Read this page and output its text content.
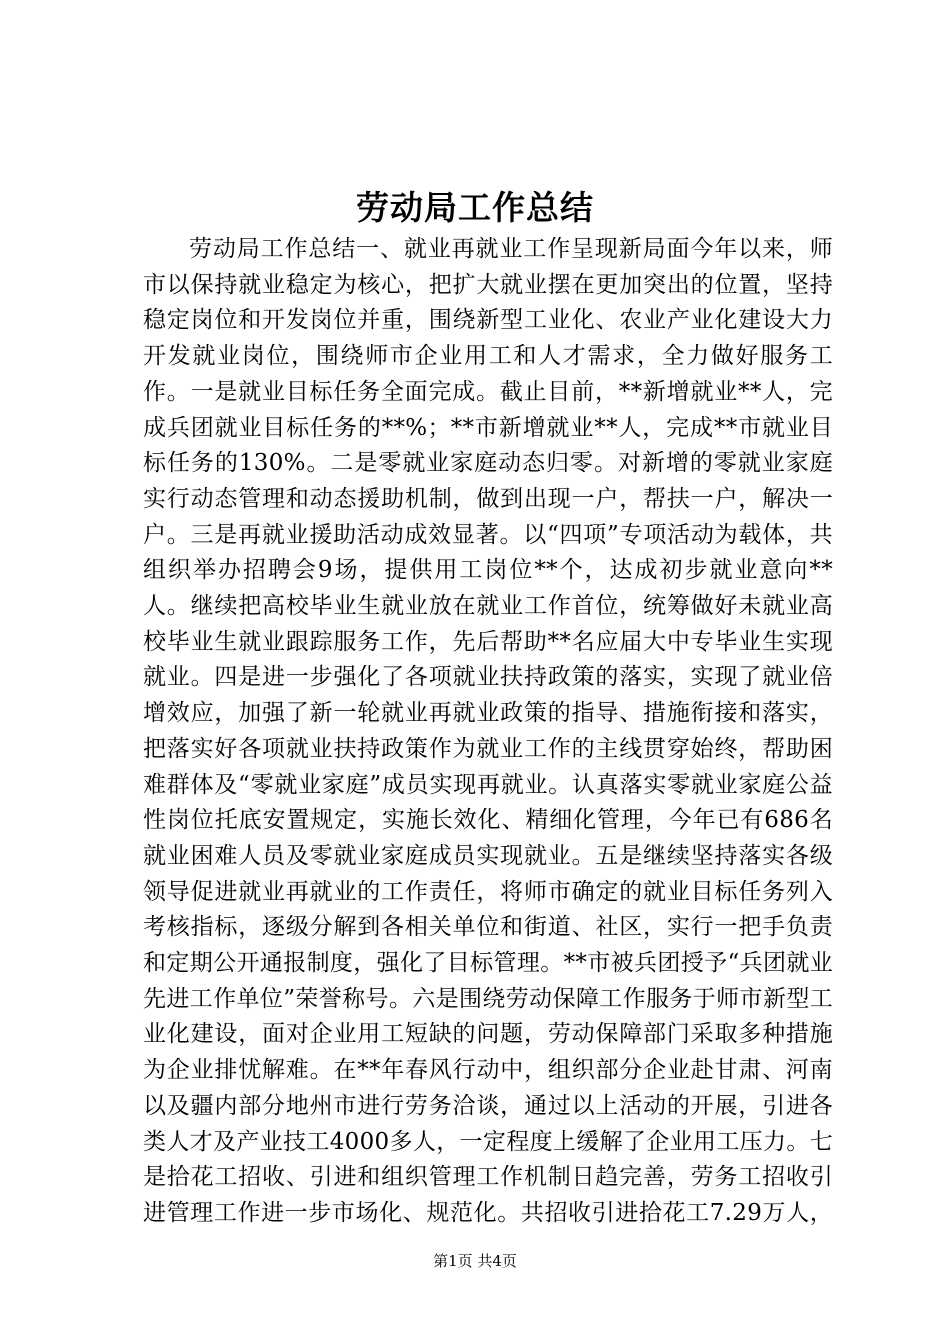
劳动局工作总结

劳动局工作总结一、就业再就业工作呈现新局面今年以来，师市以保持就业稳定为核心，把扩大就业摆在更加突出的位置，坚持稳定岗位和开发岗位并重，围绕新型工业化、农业产业化建设大力开发就业岗位，围绕师市企业用工和人才需求，全力做好服务工作。一是就业目标任务全面完成。截止目前，**新增就业**人，完成兵团就业目标任务的**%；**市新增就业**人，完成**市就业目标任务的130%。二是零就业家庭动态归零。对新增的零就业家庭实行动态管理和动态援助机制，做到出现一户，帮扶一户，解决一户。三是再就业援助活动成效显著。以“四项”专项活动为载体，共组织举办招聘会9场，提供用工岗位**个，达成初步就业意向**人。继续把高校毕业生就业放在就业工作首位，统筹做好未就业高校毕业生就业跟踪服务工作，先后帮助**名应届大中专毕业生实现就业。四是进一步强化了各项就业扶持政策的落实，实现了就业倍增效应，加强了新一轮就业再就业政策的指导、措施衔接和落实，把落实好各项就业扶持政策作为就业工作的主线贯穿始终，帮助困难群体及“零就业家庭”成员实现再就业。认真落实零就业家庭公益性岗位托底安置规定，实施长效化、精细化管理，今年已有686名就业困难人员及零就业家庭成员实现就业。五是继续坚持落实各级领导促进就业再就业的工作责任，将师市确定的就业目标任务列入考核指标，逐级分解到各相关单位和街道、社区，实行一把手负责和定期公开通报制度，强化了目标管理。**市被兵团授予“兵团就业先进工作单位”荣誉称号。六是围绕劳动保障工作服务于师市新型工业化建设，面对企业用工短缺的问题，劳动保障部门采取多种措施为企业排忧解难。在**年春风行动中，组织部分企业赴甘肃、河南以及疆内部分地州市进行劳务洽谈，通过以上活动的开展，引进各类人才及产业技工4000多人，一定程度上缓解了企业用工压力。七是拾花工招收、引进和组织管理工作机制日趋完善，劳务工招收引进管理工作进一步市场化、规范化。共招收引进拾花工7.29万人，

第1页 共4页
